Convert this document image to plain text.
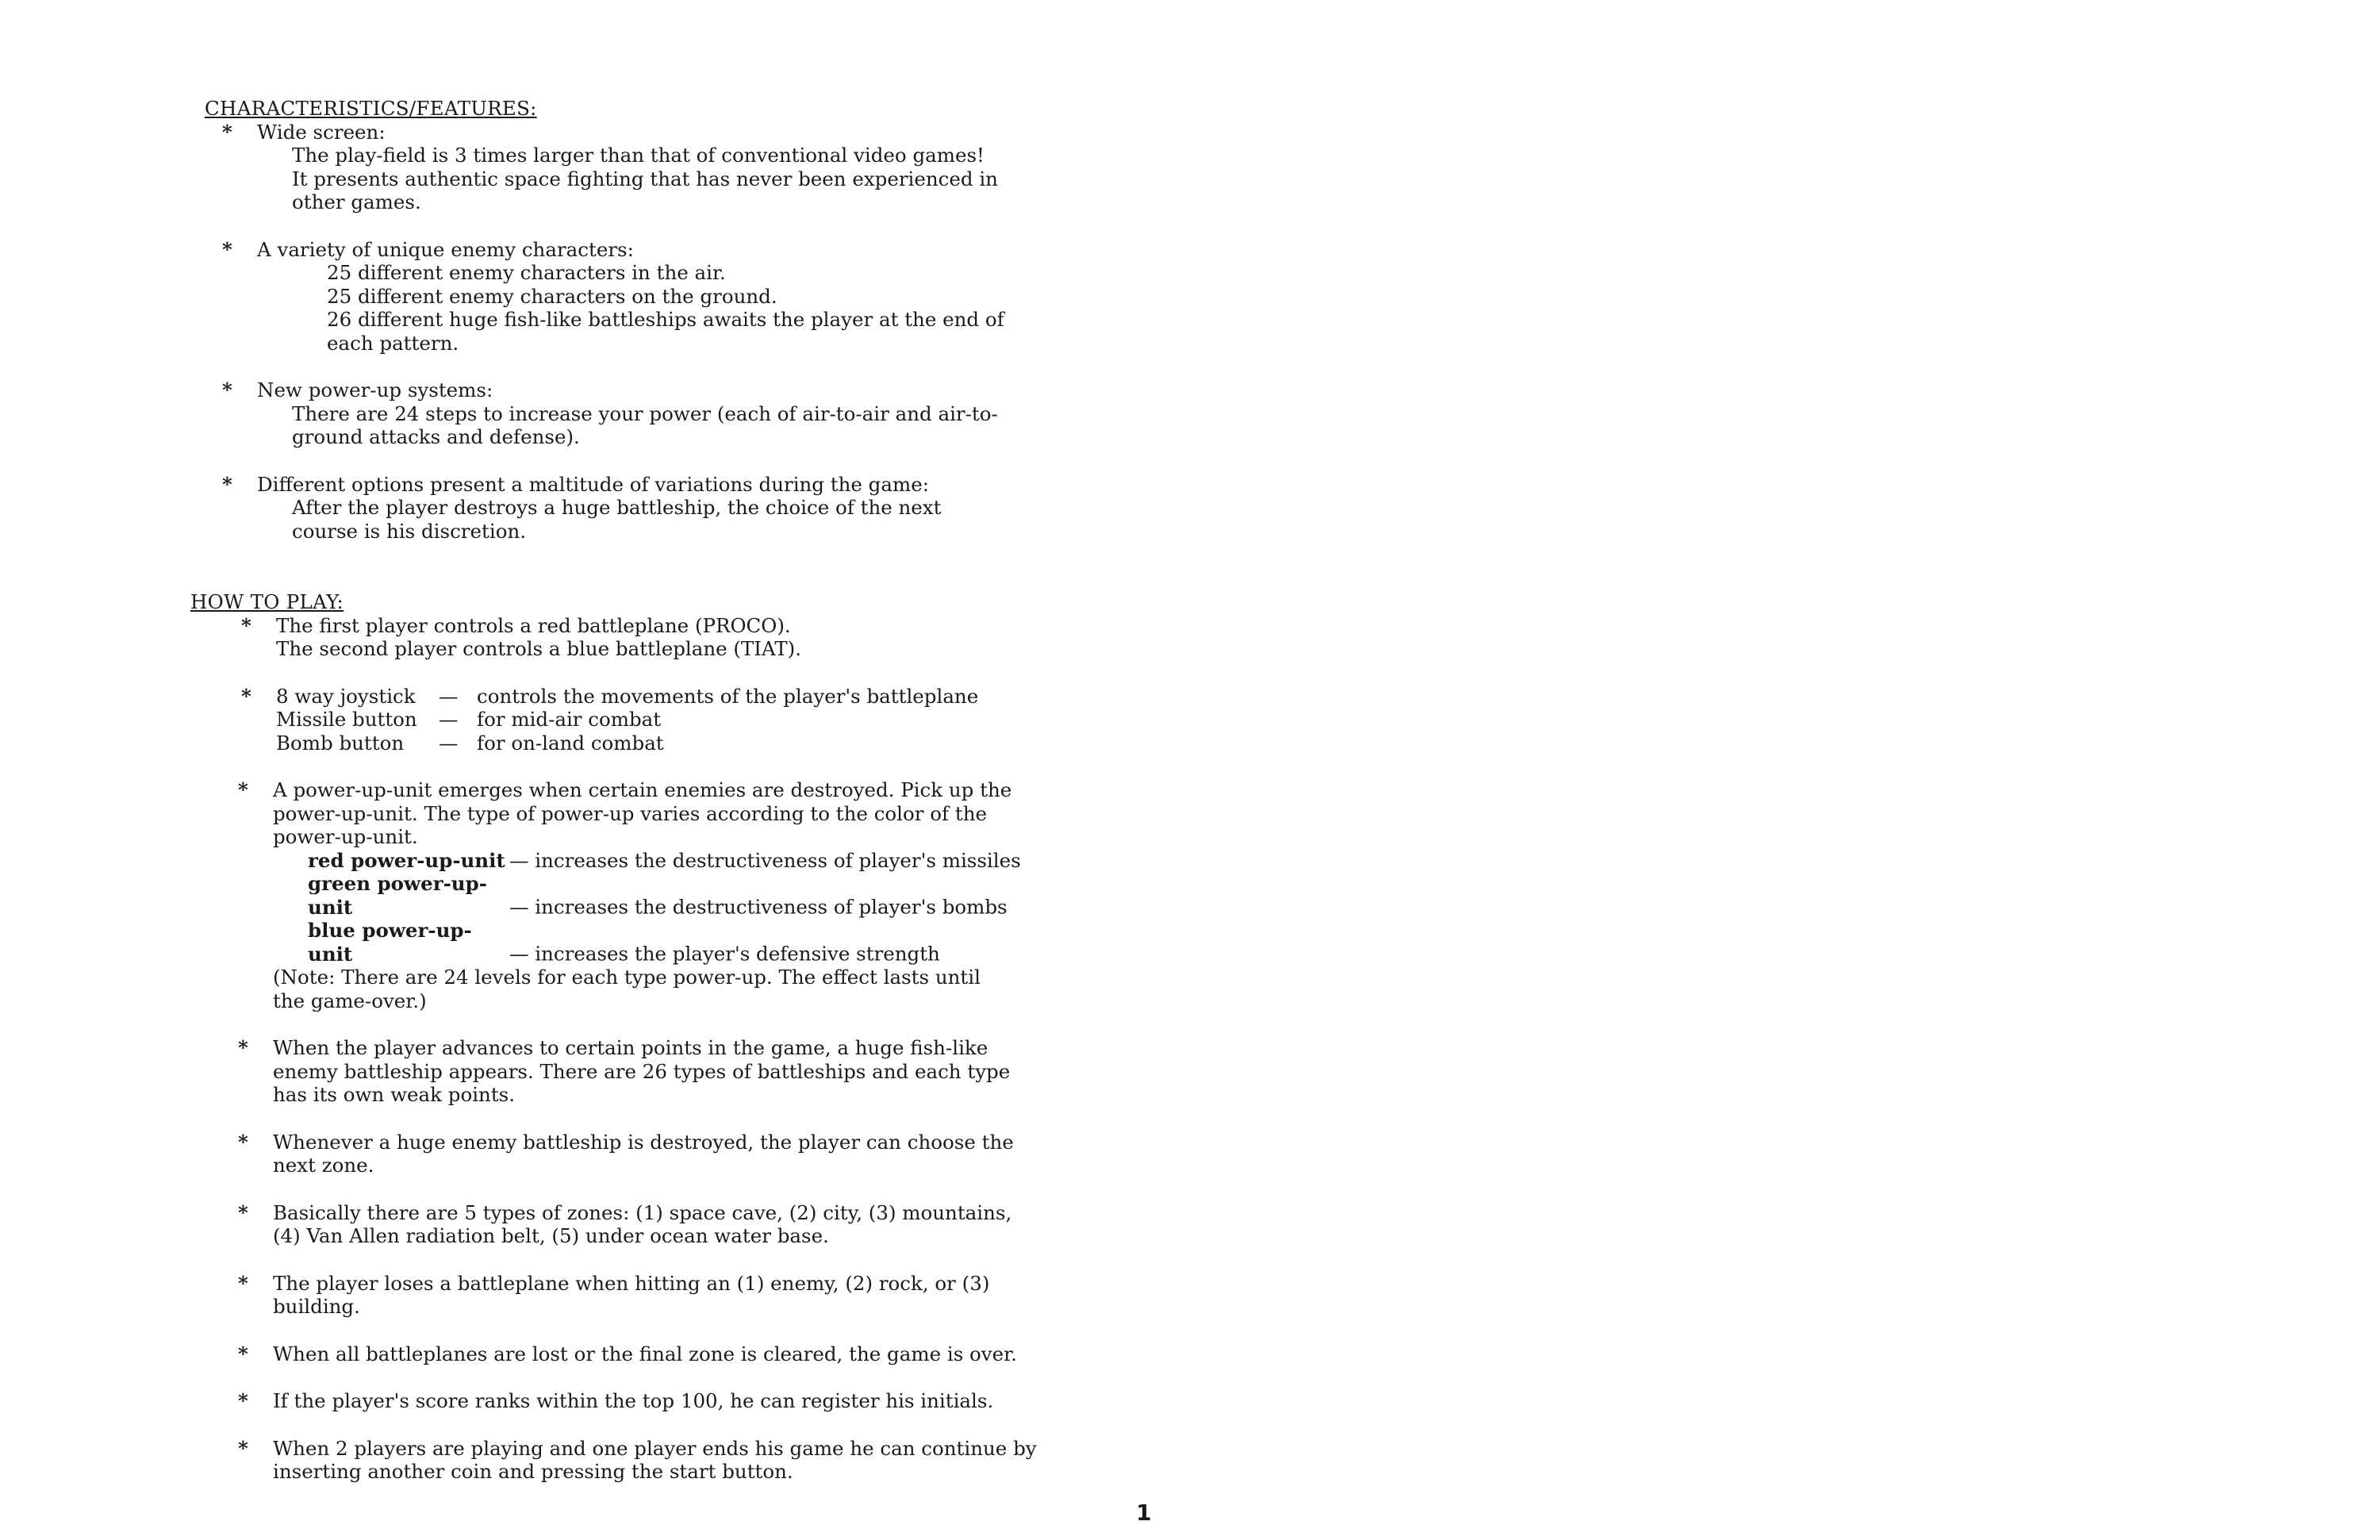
CHARACTERISTICS/FEATURES:
* Wide screen:

The play-field is 3 times larger than that of conventional video games!

It presents authentic space fighting that has never been experienced in

other games.

* A variety of unique enemy characters:

25 different enemy characters in the air.

25 different enemy characters on the ground.

26 different huge fish-like battleships awaits the player at the end of

each pattern.

* New power-up systems:

There are 24 steps to increase your power (each of air-to-air and air-to-

ground attacks and defense).

* Different options present a maltitude of variations during the game:

After the player destroys a huge battleship, the choice of the next

course is his discretion.

HOW TO PLAY:
* The first player controls a red battleplane (PROCO).

The second player controls a blue battleplane (TIAT).

* 8 way joystick	— controls the movements of the player's battleplane
Missile button	— for mid-air combat
Bomb button	— for on-land combat
* A power-up-unit emerges when certain enemies are destroyed. Pick up the

power-up-unit. The type of power-up varies according to the color of the

power-up-unit.

red power-up-unit — increases the destructiveness of player's missiles
green power-up-unit	— increases the destructiveness of player's bombs
blue power-up-unit	— increases the player's defensive strength

(Note: There are 24 levels for each type power-up. The effect lasts until

the game-over.)

* When the player advances to certain points in the game, a huge fish-like

enemy battleship appears. There are 26 types of battleships and each type

has its own weak points.

* Whenever a huge enemy battleship is destroyed, the player can choose the

next zone.

* Basically there are 5 types of zones: (1) space cave, (2) city, (3) mountains,

(4) Van Allen radiation belt, (5) under ocean water base.

* The player loses a battleplane when hitting an (1) enemy, (2) rock, or (3)

building.

* When all battleplanes are lost or the final zone is cleared, the game is over.

* If the player's score ranks within the top 100, he can register his initials.

* When 2 players are playing and one player ends his game he can continue by

inserting another coin and pressing the start button.

1
